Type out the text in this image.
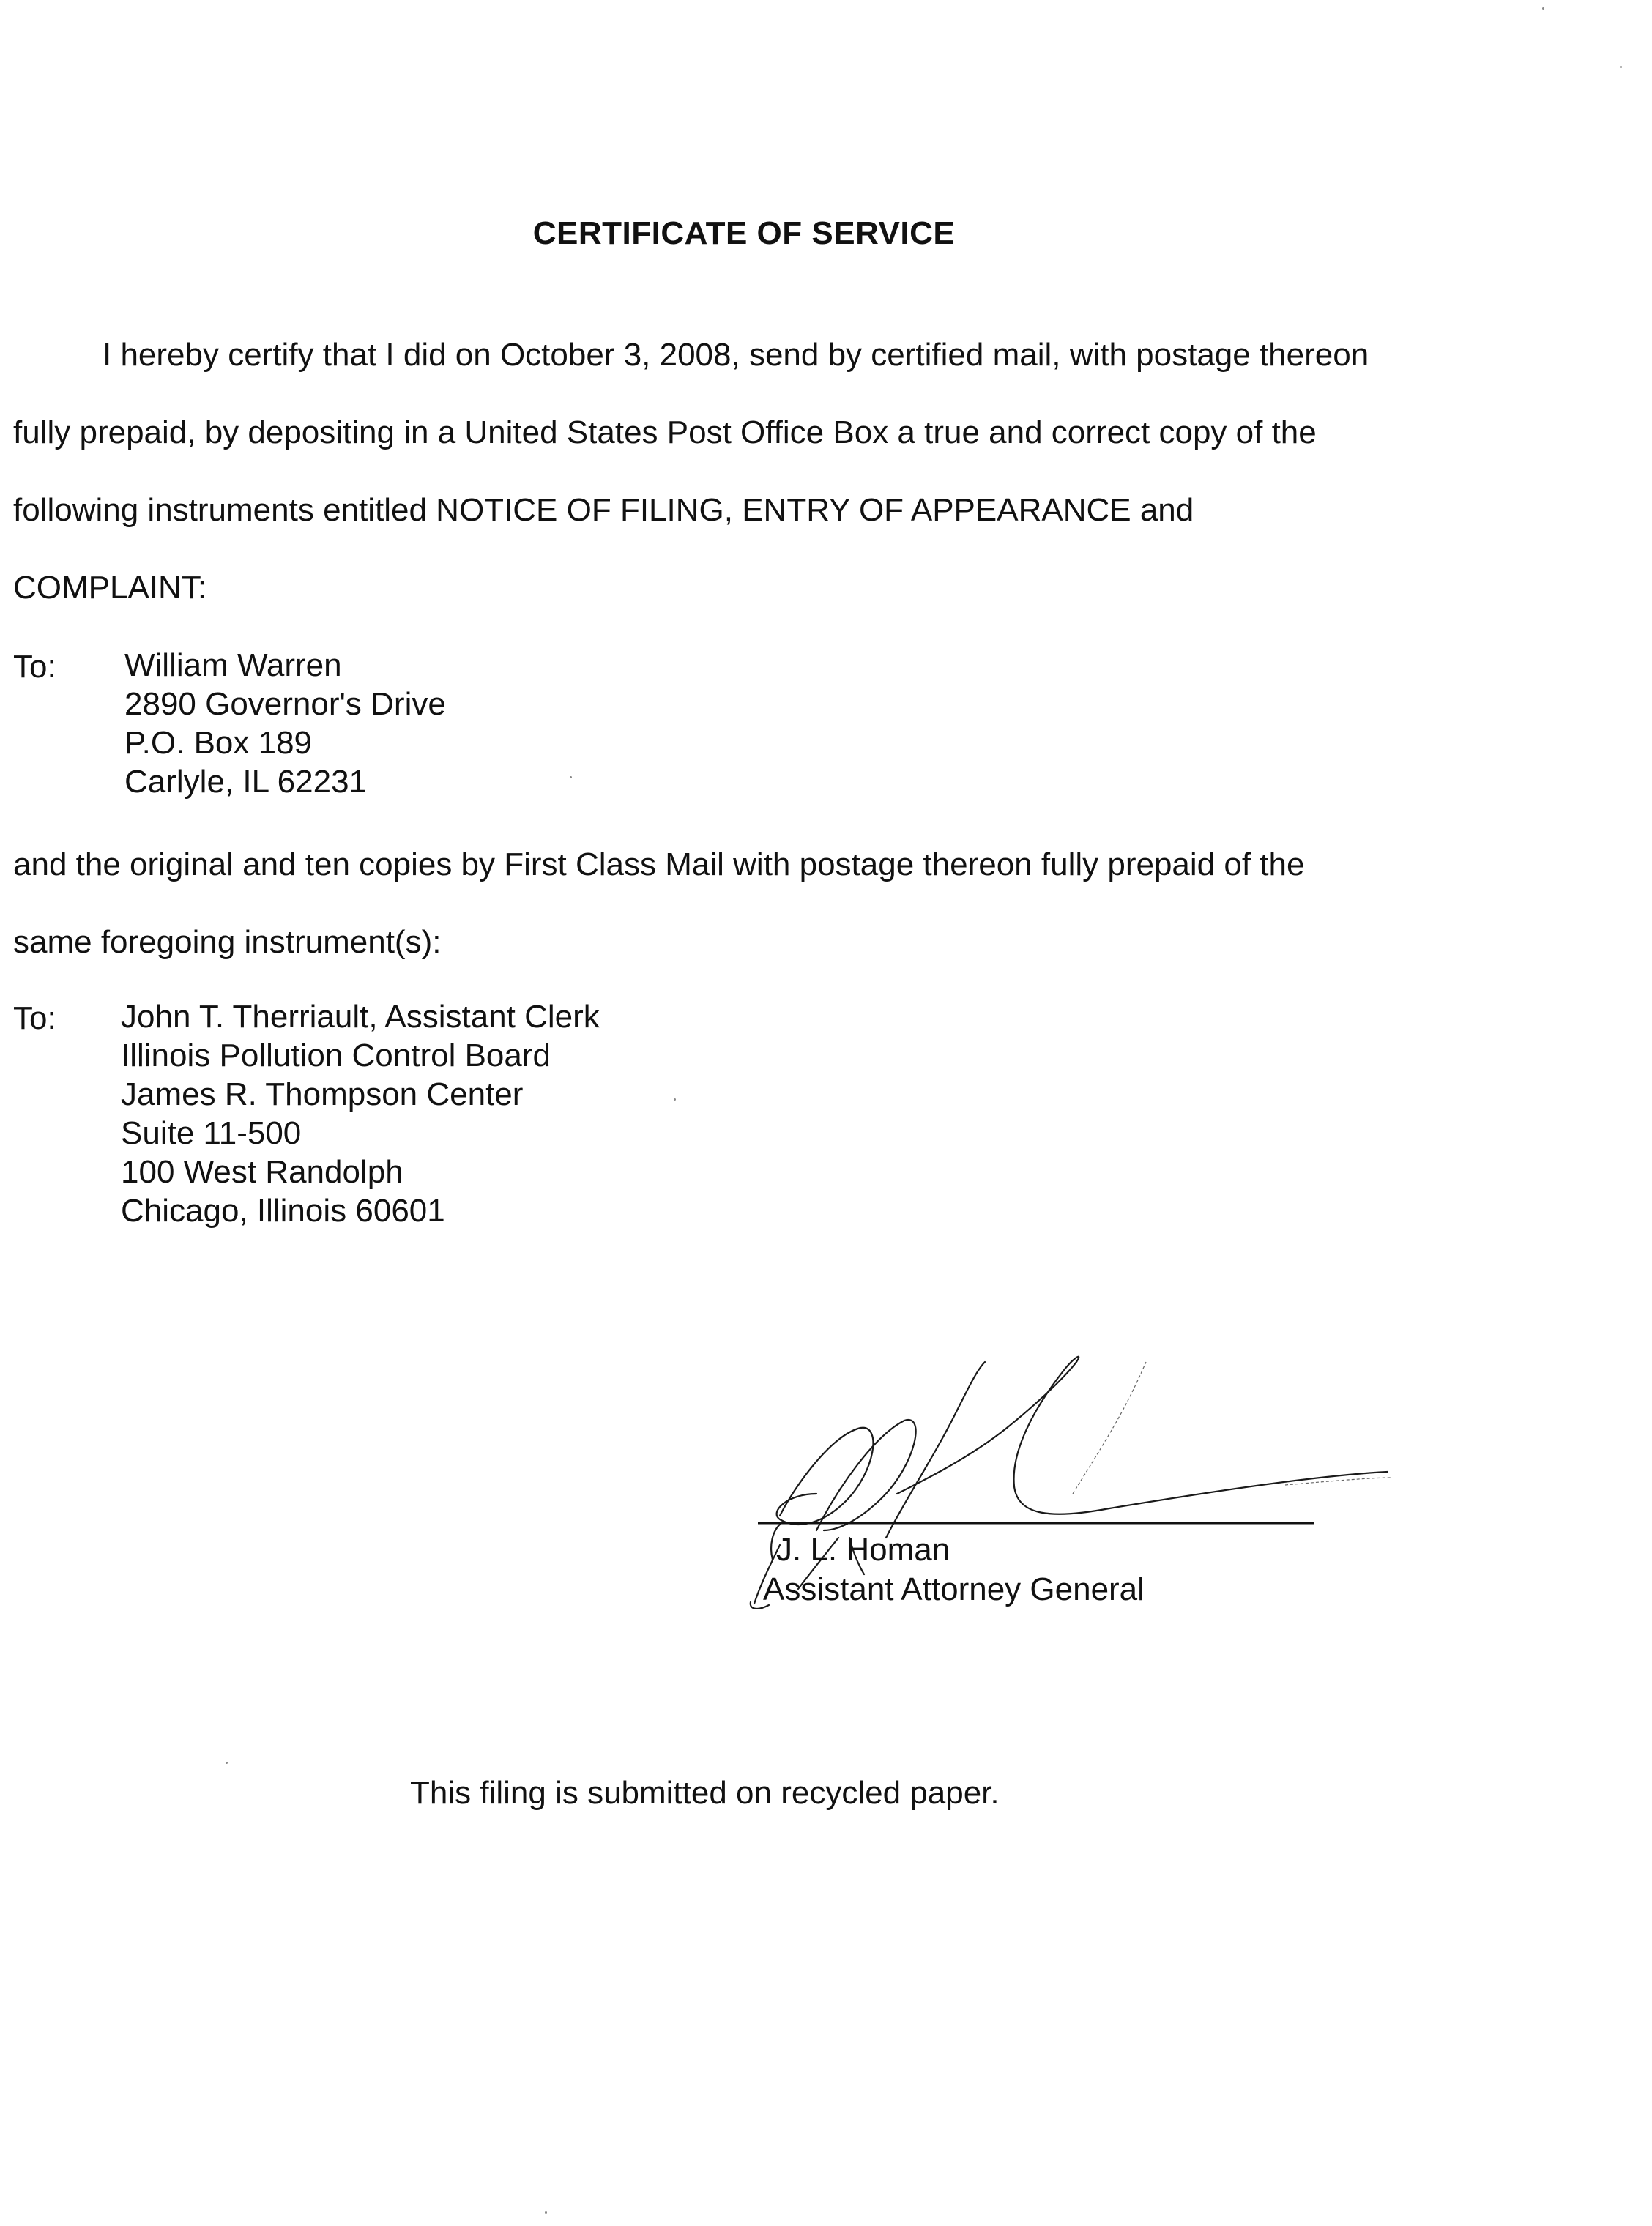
CERTIFICATE OF SERVICE
I hereby certify that I did on October 3, 2008, send by certified mail, with postage thereon
fully prepaid, by depositing in a United States Post Office Box a true and correct copy of the
following instruments entitled NOTICE OF FILING, ENTRY OF APPEARANCE and
COMPLAINT:
To: William Warren
2890 Governor's Drive
P.O. Box 189
Carlyle, IL 62231
and the original and ten copies by First Class Mail with postage thereon fully prepaid of the
same foregoing instrument(s):
To: John T. Therriault, Assistant Clerk
Illinois Pollution Control Board
James R. Thompson Center
Suite 11-500
100 West Randolph
Chicago, Illinois 60601
J. L. Homan
Assistant Attorney General
This filing is submitted on recycled paper.
